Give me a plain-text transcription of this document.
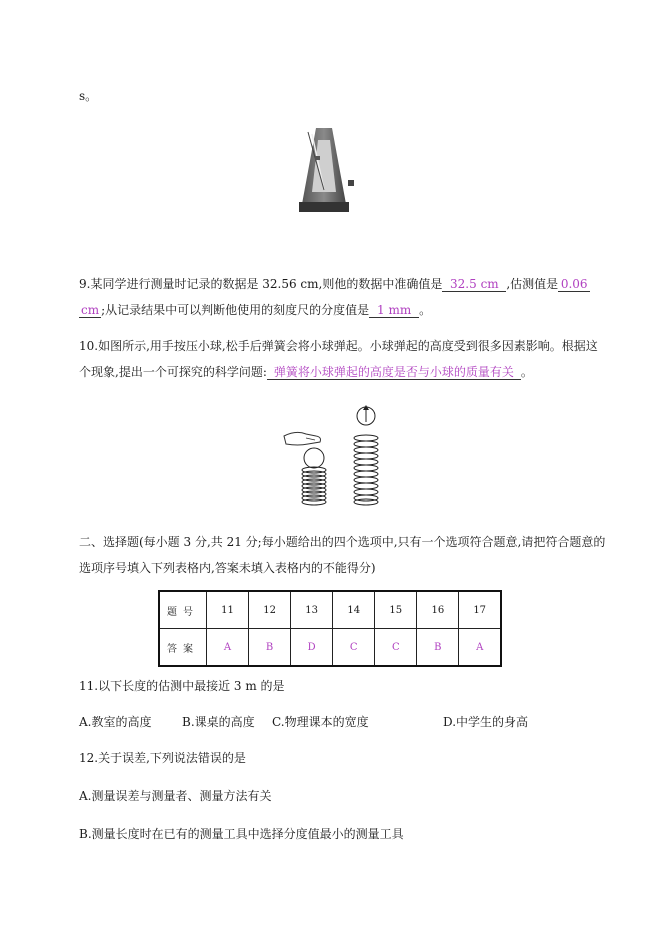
s。
9.某同学进行测量时记录的数据是 32.56 cm,则他的数据中准确值是 32.5 cm ,估测值是 0.06
cm ;从记录结果中可以判断他使用的刻度尺的分度值是 1 mm 。
10.如图所示,用手按压小球,松手后弹簧会将小球弹起。小球弹起的高度受到很多因素影响。根据这
个现象,提出一个可探究的科学问题: 弹簧将小球弹起的高度是否与小球的质量有关 。
二、选择题(每小题 3 分,共 21 分;每小题给出的四个选项中,只有一个选项符合题意,请把符合题意的
选项序号填入下列表格内,答案未填入表格内的不能得分)
题号	11	12	13	14	15	16	17
答案	A	B	D	C	C	B	A
11.以下长度的估测中最接近 3 m 的是
A.教室的高度	B.课桌的高度 C.物理课本的宽度	D.中学生的身高
12.关于误差,下列说法错误的是
A.测量误差与测量者、测量方法有关
B.测量长度时在已有的测量工具中选择分度值最小的测量工具
